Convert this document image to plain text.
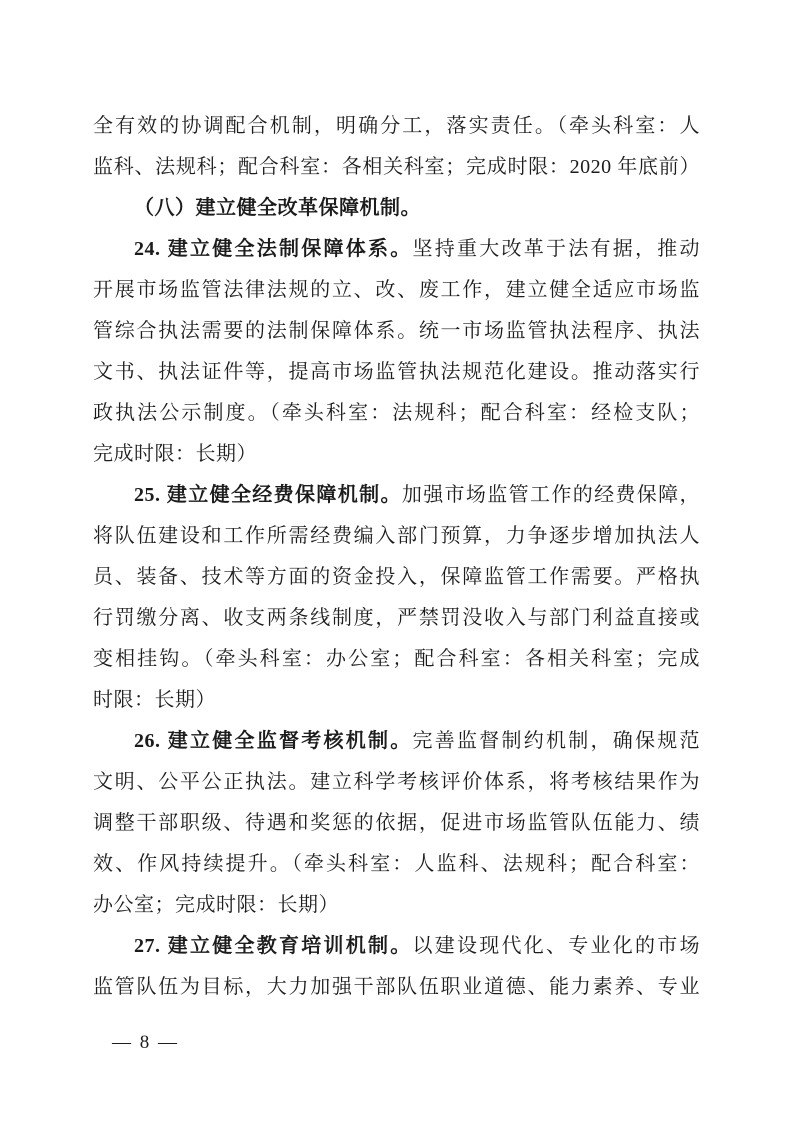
全有效的协调配合机制，明确分工，落实责任。（牵头科室：人
监科、法规科；配合科室：各相关科室；完成时限：2020 年底前）
（八）建立健全改革保障机制。
24. 建立健全法制保障体系。坚持重大改革于法有据，推动
开展市场监管法律法规的立、改、废工作，建立健全适应市场监
管综合执法需要的法制保障体系。统一市场监管执法程序、执法
文书、执法证件等，提高市场监管执法规范化建设。推动落实行
政执法公示制度。（牵头科室：法规科；配合科室：经检支队；
完成时限：长期）
25. 建立健全经费保障机制。加强市场监管工作的经费保障，
将队伍建设和工作所需经费编入部门预算，力争逐步增加执法人
员、装备、技术等方面的资金投入，保障监管工作需要。严格执
行罚缴分离、收支两条线制度，严禁罚没收入与部门利益直接或
变相挂钩。（牵头科室：办公室；配合科室：各相关科室；完成
时限：长期）
26. 建立健全监督考核机制。完善监督制约机制，确保规范
文明、公平公正执法。建立科学考核评价体系，将考核结果作为
调整干部职级、待遇和奖惩的依据，促进市场监管队伍能力、绩
效、作风持续提升。（牵头科室：人监科、法规科；配合科室：
办公室；完成时限：长期）
27. 建立健全教育培训机制。以建设现代化、专业化的市场
监管队伍为目标，大力加强干部队伍职业道德、能力素养、专业
— 8 —
